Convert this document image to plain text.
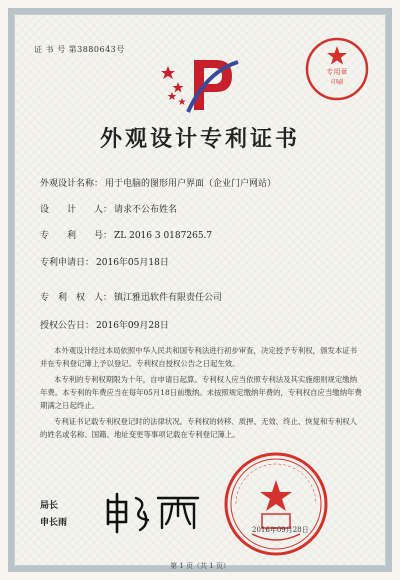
证 书 号 第3880643号
专用章
印刷
外观设计专利证书
外观设计名称： 用于电脑的图形用户界面（企业门户网站）
设　　计　　人： 请求不公布姓名
专　　利　　号： ZL 2016 3 0187265.7
专利申请日： 2016年05月18日
专　利　权　人： 镇江雅迅软件有限责任公司
授权公告日： 2016年09月28日

本外观设计经过本局依照中华人民共和国专利法进行初步审查，决定授予专利权，颁发本证书并在专利登记簿上予以登记。专利权自授权公告之日起生效。

本专利的专利权期限为十年，自申请日起算。专利权人应当依照专利法及其实施细则规定缴纳年费。本专利的年费应当在每年05月18日前缴纳。未按照规定缴纳年费的，专利权自应当缴纳年费期满之日起终止。

专利证书记载专利权登记时的法律状况。专利权的转移、质押、无效、终止、恢复和专利权人的姓名或名称、国籍、地址变更等事项记载在专利登记簿上。

局长
申长雨
2016年09月28日
第 1 页（共 1 页）
